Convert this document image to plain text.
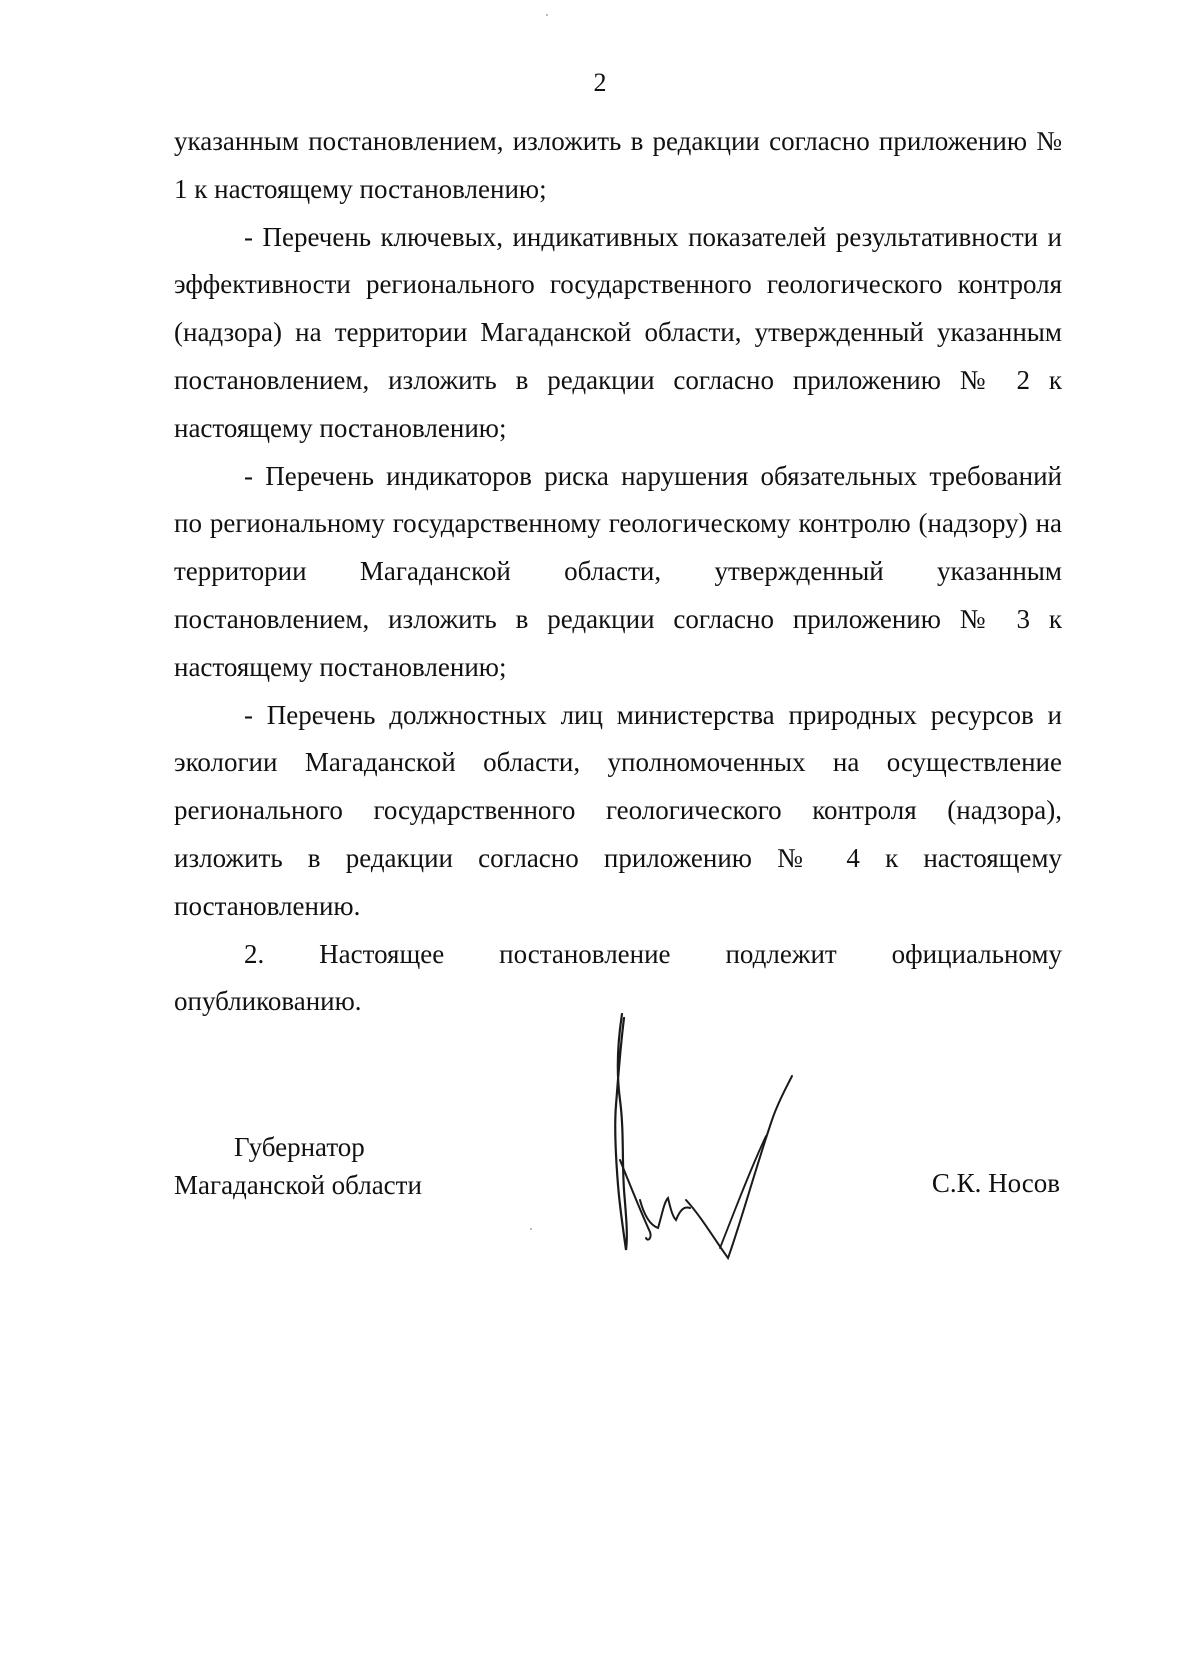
2

указанным постановлением, изложить в редакции согласно приложению № 1 к настоящему постановлению;

- Перечень ключевых, индикативных показателей результативности и эффективности регионального государственного геологического контроля (надзора) на территории Магаданской области, утвержденный указанным постановлением, изложить в редакции согласно приложению № 2 к настоящему постановлению;

- Перечень индикаторов риска нарушения обязательных требований по региональному государственному геологическому контролю (надзору) на территории Магаданской области, утвержденный указанным постановлением, изложить в редакции согласно приложению № 3 к настоящему постановлению;

- Перечень должностных лиц министерства природных ресурсов и экологии Магаданской области, уполномоченных на осуществление регионального государственного геологического контроля (надзора), изложить в редакции согласно приложению № 4 к настоящему постановлению.

2. Настоящее постановление подлежит официальному опубликованию.

Губернатор
Магаданской области	С.К. Носов
